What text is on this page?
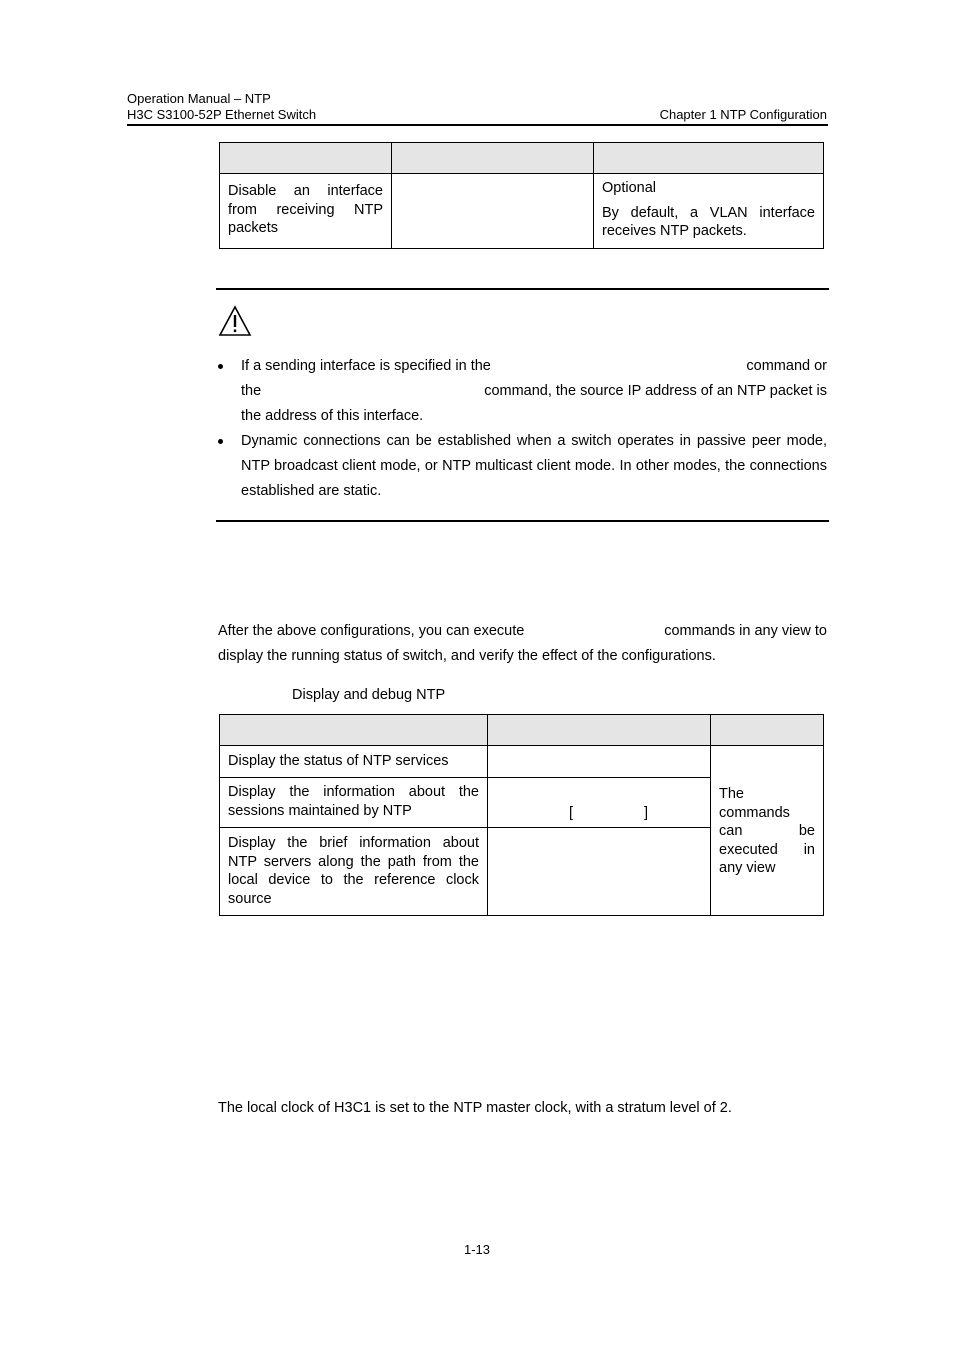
Operation Manual – NTP
H3C S3100-52P Ethernet Switch	Chapter 1 NTP Configuration

Disable an interface from receiving NTP packets		Optional
By default, a VLAN interface receives NTP packets.
If a sending interface is specified in the	command or
the	command, the source IP address of an NTP packet is
the address of this interface.
Dynamic connections can be established when a switch operates in passive peer mode, NTP broadcast client mode, or NTP multicast client mode. In other modes, the connections established are static.
After the above configurations, you can execute	commands in any view to
display the running status of switch, and verify the effect of the configurations.
Display and debug NTP

Display the status of NTP services		The commands can be executed in any view
Display the information about the sessions maintained by NTP	[ ]	

Display the brief information about NTP servers along the path from the local device to the reference clock source		
The local clock of H3C1 is set to the NTP master clock, with a stratum level of 2.
1-13
